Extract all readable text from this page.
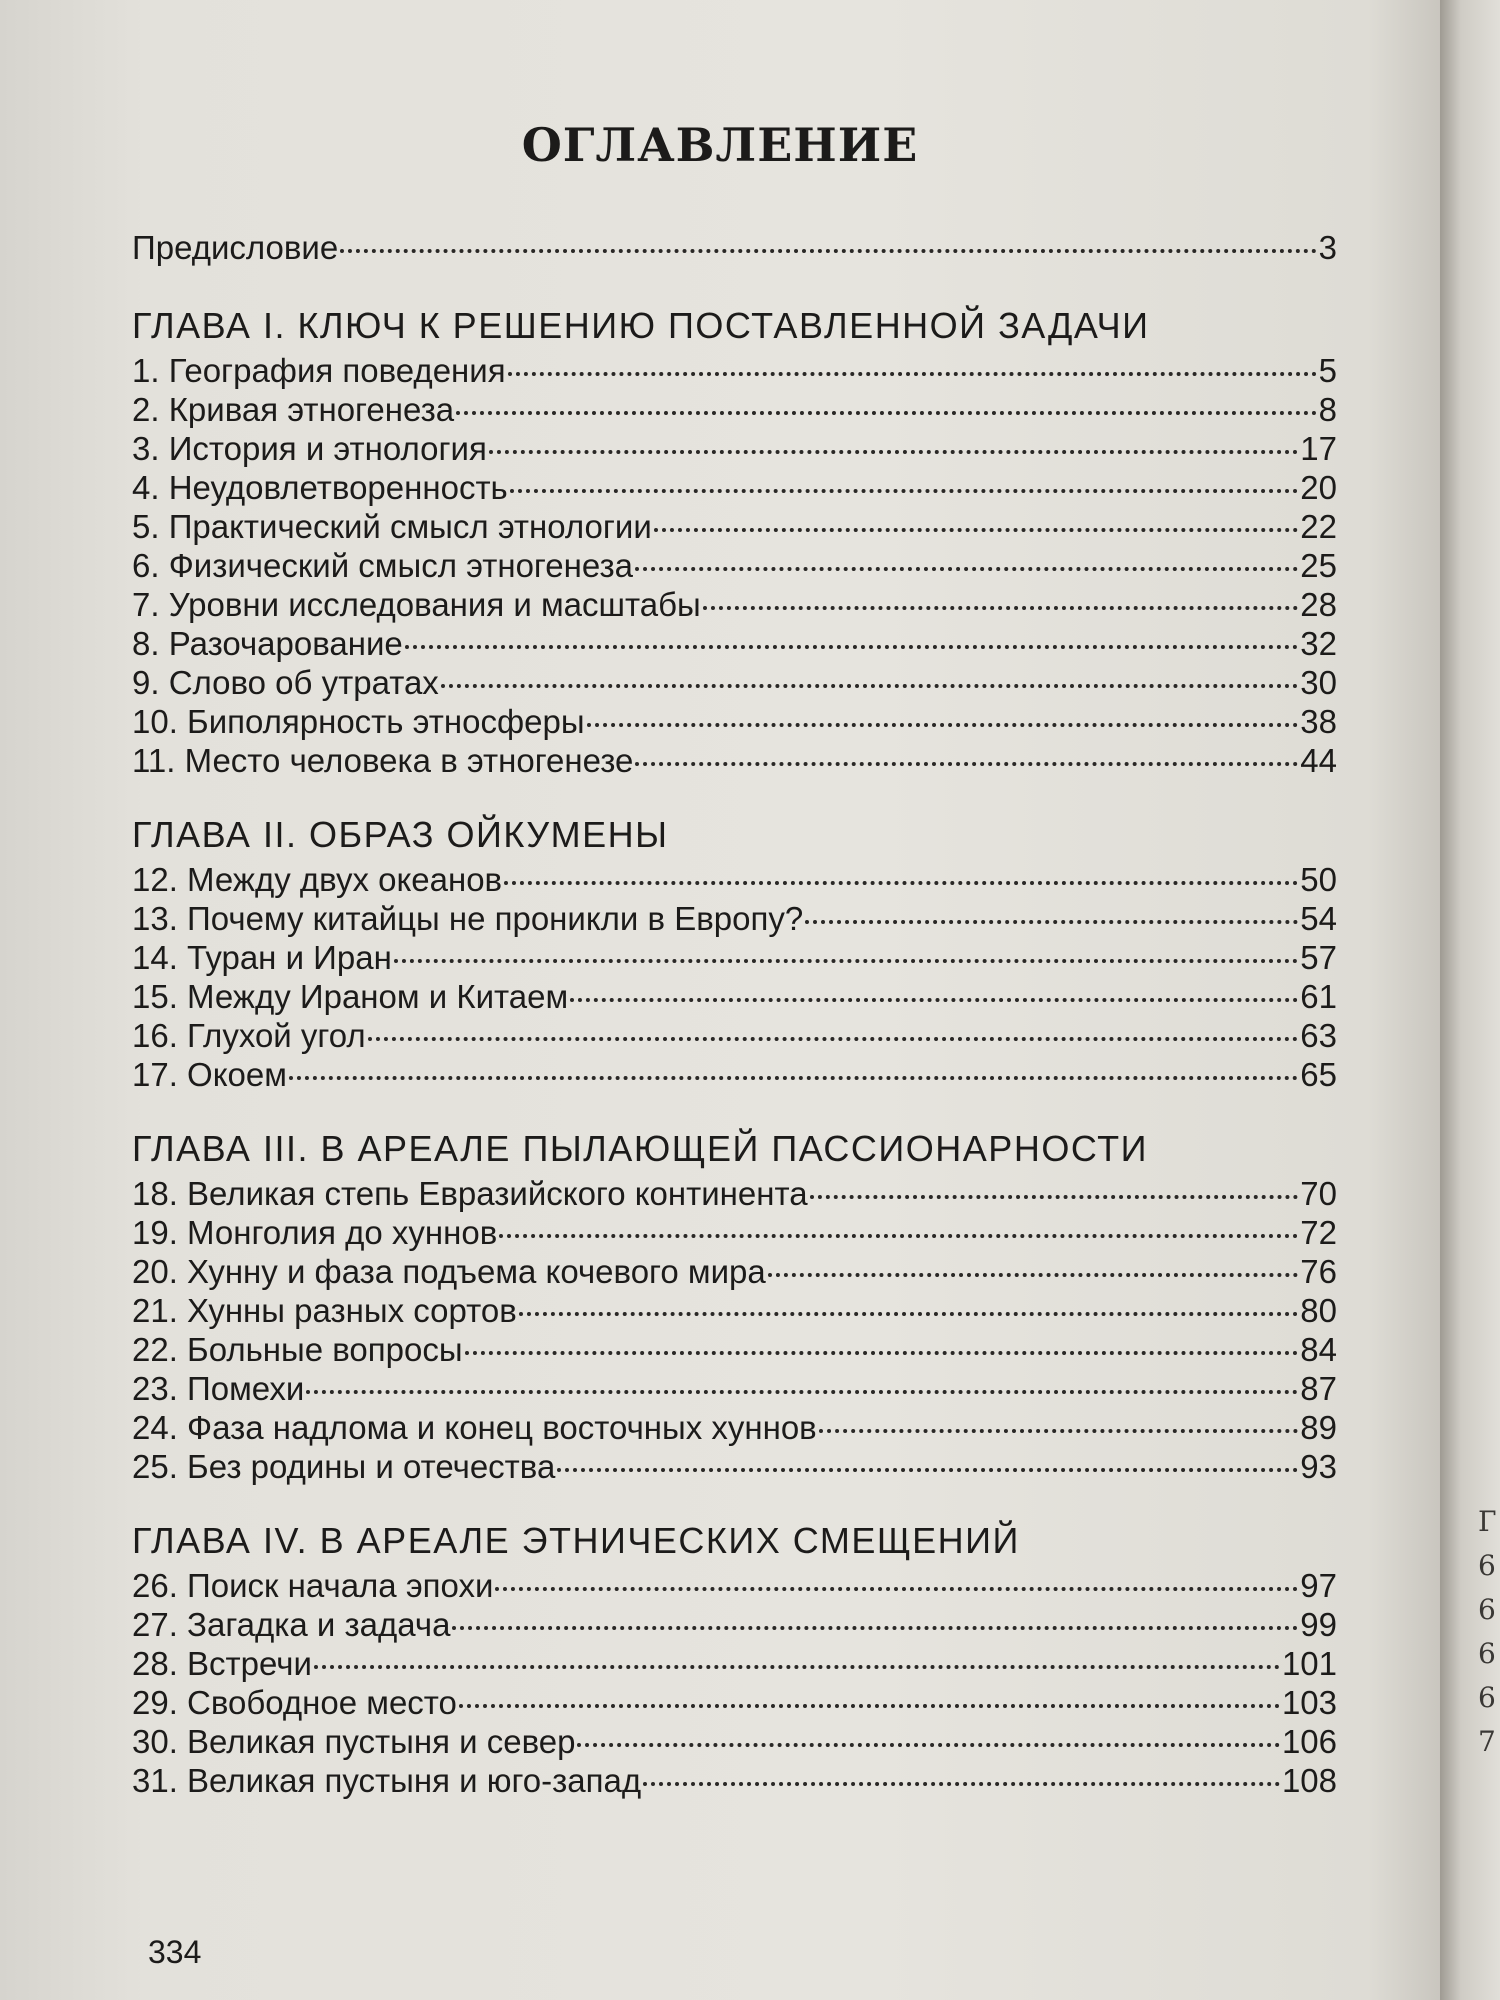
ОГЛАВЛЕНИЕ
Предисловие	3
ГЛАВА I. КЛЮЧ К РЕШЕНИЮ ПОСТАВЛЕННОЙ ЗАДАЧИ
1. География поведения	5
2. Кривая этногенеза	8
3. История и этнология	17
4. Неудовлетворенность	20
5. Практический смысл этнологии	22
6. Физический смысл этногенеза	25
7. Уровни исследования и масштабы	28
8. Разочарование	32
9. Слово об утратах	30
10. Биполярность этносферы	38
11. Место человека в этногенезе	44
ГЛАВА II. ОБРАЗ ОЙКУМЕНЫ
12. Между двух океанов	50
13. Почему китайцы не проникли в Европу?	54
14. Туран и Иран	57
15. Между Ираном и Китаем	61
16. Глухой угол	63
17. Окоем	65
ГЛАВА III. В АРЕАЛЕ ПЫЛАЮЩЕЙ ПАССИОНАРНОСТИ
18. Великая степь Евразийского континента	70
19. Монголия до хуннов	72
20. Хунну и фаза подъема кочевого мира	76
21. Хунны разных сортов	80
22. Больные вопросы	84
23. Помехи	87
24. Фаза надлома и конец восточных хуннов	89
25. Без родины и отечества	93
ГЛАВА IV. В АРЕАЛЕ ЭТНИЧЕСКИХ СМЕЩЕНИЙ
26. Поиск начала эпохи	97
27. Загадка и задача	99
28. Встречи	101
29. Свободное место	103
30. Великая пустыня и север	106
31. Великая пустыня и юго-запад	108
334
Г
6
6
6
6
7
